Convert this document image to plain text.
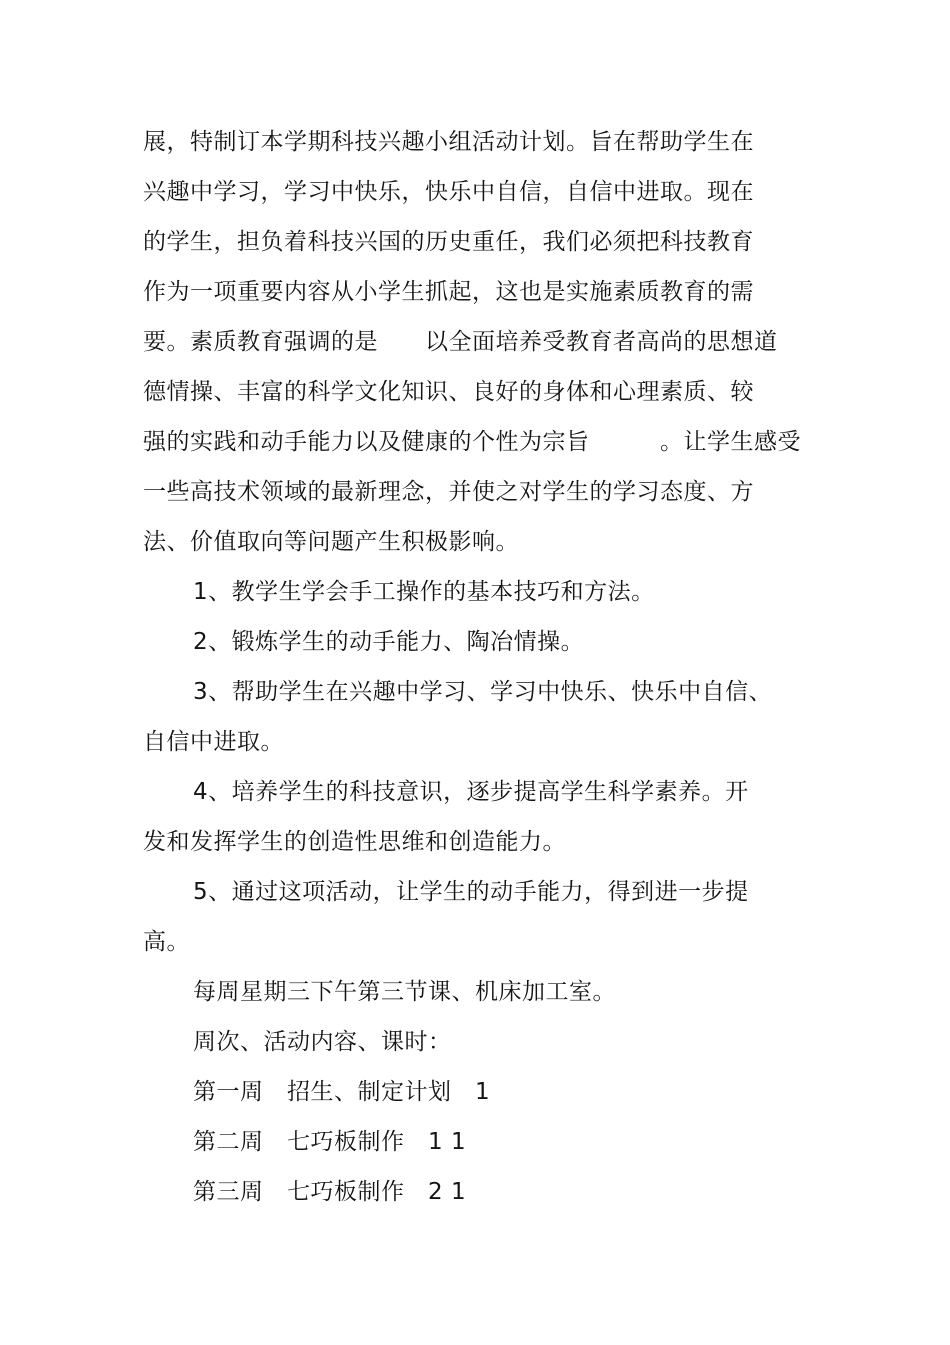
展，特制订本学期科技兴趣小组活动计划。旨在帮助学生在
兴趣中学习，学习中快乐，快乐中自信，自信中进取。现在
的学生，担负着科技兴国的历史重任，我们必须把科技教育
作为一项重要内容从小学生抓起，这也是实施素质教育的需
要。素质教育强调的是　　以全面培养受教育者高尚的思想道
德情操、丰富的科学文化知识、良好的身体和心理素质、较
强的实践和动手能力以及健康的个性为宗旨　　　。让学生感受
一些高技术领域的最新理念，并使之对学生的学习态度、方
法、价值取向等问题产生积极影响。
1、教学生学会手工操作的基本技巧和方法。
2、锻炼学生的动手能力、陶冶情操。
3、帮助学生在兴趣中学习、学习中快乐、快乐中自信、
自信中进取。
4、培养学生的科技意识，逐步提高学生科学素养。开
发和发挥学生的创造性思维和创造能力。
5、通过这项活动，让学生的动手能力，得到进一步提
高。
每周星期三下午第三节课、机床加工室。
周次、活动内容、课时：
第一周　招生、制定计划　1
第二周　七巧板制作　1 1
第三周　七巧板制作　2 1
